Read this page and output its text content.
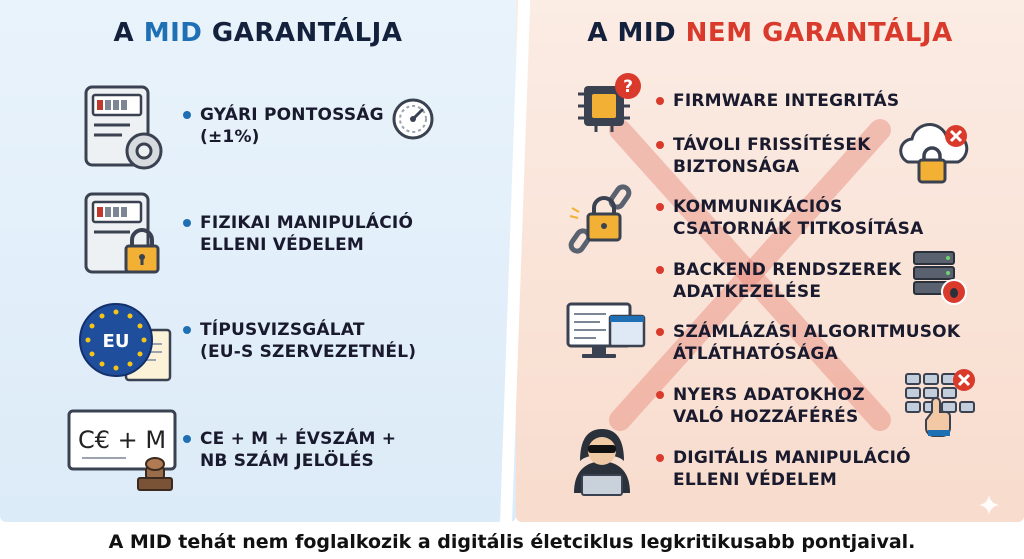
A MID GARANTÁLJA	A MID NEM GARANTÁLJA
EU
C€ + M
GYÁRI PONTOSSÁG
(±1%)
FIZIKAI MANIPULÁCIÓ
ELLENI VÉDELEM
TÍPUSVIZSGÁLAT
(EU-S SZERVEZETNÉL)
CE + M + ÉVSZÁM +
NB SZÁM JELÖLÉS
?
FIRMWARE INTEGRITÁS
TÁVOLI FRISSÍTÉSEK
BIZTONSÁGA
KOMMUNIKÁCIÓS
CSATORNÁK TITKOSÍTÁSA
BACKEND RENDSZEREK
ADATKEZELÉSE
SZÁMLÁZÁSI ALGORITMUSOK
ÁTLÁTHATÓSÁGA
NYERS ADATOKHOZ
VALÓ HOZZÁFÉRÉS
DIGITÁLIS MANIPULÁCIÓ
ELLENI VÉDELEM
A MID tehát nem foglalkozik a digitális életciklus legkritikusabb pontjaival.
